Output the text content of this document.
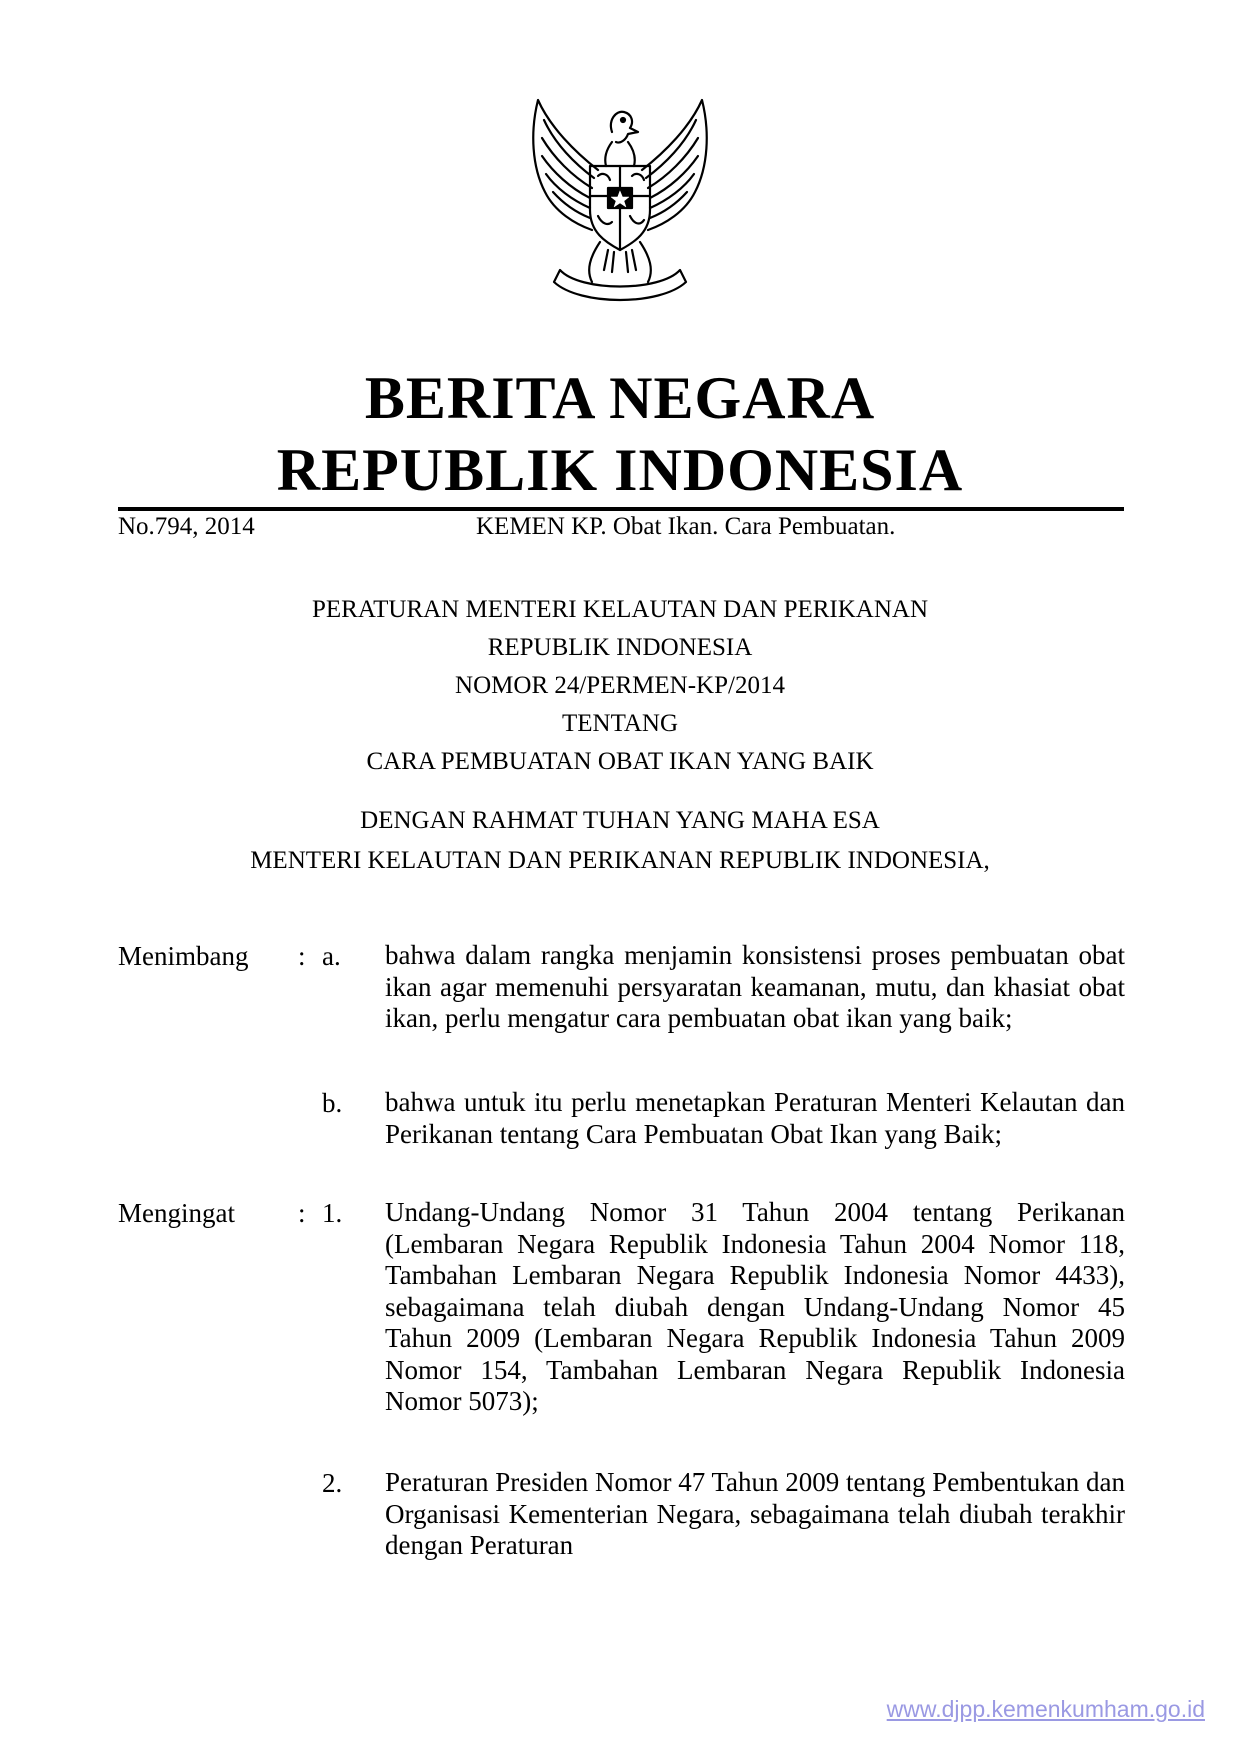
BERITA NEGARA
REPUBLIK INDONESIA
No.794, 2014	KEMEN KP. Obat Ikan. Cara Pembuatan.
PERATURAN MENTERI KELAUTAN DAN PERIKANAN
REPUBLIK INDONESIA
NOMOR 24/PERMEN-KP/2014
TENTANG
CARA PEMBUATAN OBAT IKAN YANG BAIK
DENGAN RAHMAT TUHAN YANG MAHA ESA
MENTERI KELAUTAN DAN PERIKANAN REPUBLIK INDONESIA,
Menimbang : a. bahwa dalam rangka menjamin konsistensi proses pembuatan obat ikan agar memenuhi persyaratan keamanan, mutu, dan khasiat obat ikan, perlu mengatur cara pembuatan obat ikan yang baik;

b. bahwa untuk itu perlu menetapkan Peraturan Menteri Kelautan dan Perikanan tentang Cara Pembuatan Obat Ikan yang Baik;

Mengingat : 1. Undang-Undang Nomor 31 Tahun 2004 tentang Perikanan (Lembaran Negara Republik Indonesia Tahun 2004 Nomor 118, Tambahan Lembaran Negara Republik Indonesia Nomor 4433), sebagaimana telah diubah dengan Undang-Undang Nomor 45 Tahun 2009 (Lembaran Negara Republik Indonesia Tahun 2009 Nomor 154, Tambahan Lembaran Negara Republik Indonesia Nomor 5073);

2. Peraturan Presiden Nomor 47 Tahun 2009 tentang Pembentukan dan Organisasi Kementerian Negara, sebagaimana telah diubah terakhir dengan Peraturan

www.djpp.kemenkumham.go.id
